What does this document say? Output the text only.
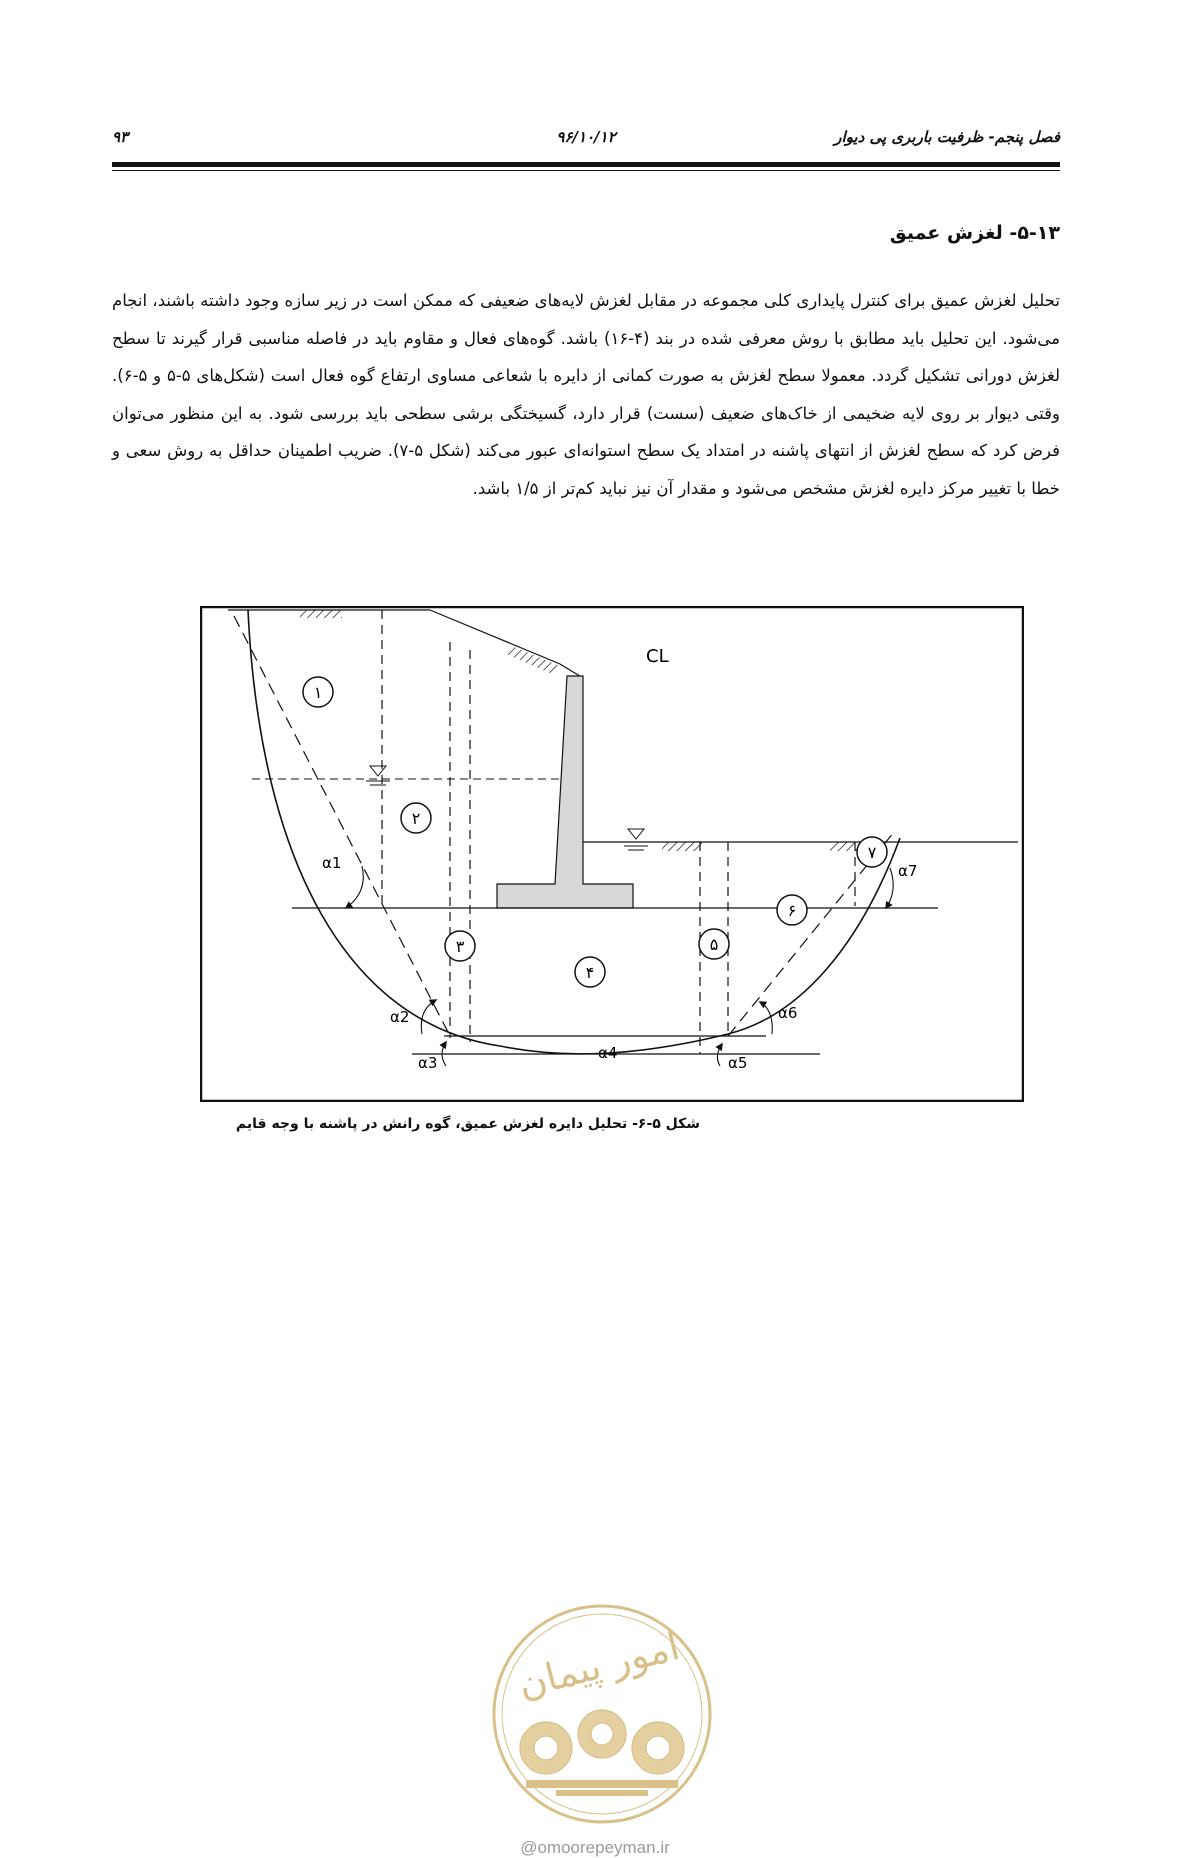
فصل پنجم- ظرفیت باربری پی دیوار
۹۶/۱۰/۱۲
۹۳
۵-۱۳- لغزش عمیق
تحلیل لغزش عمیق برای کنترل پایداری کلی مجموعه در مقابل لغزش لایه‌های ضعیفی که ممکن است در زیر سازه وجود داشته باشند، انجام می‌شود. این تحلیل باید مطابق با روش معرفی شده در بند (۴-۱۶) باشد. گوه‌های فعال و مقاوم باید در فاصله مناسبی قرار گیرند تا سطح لغزش دورانی تشکیل گردد. معمولا سطح لغزش به صورت کمانی از دایره با شعاعی مساوی ارتفاع گوه فعال است (شکل‌های ۵-۵ و ۵-۶). وقتی دیوار بر روی لایه ضخیمی از خاک‌های ضعیف (سست) قرار دارد، گسیختگی برشی سطحی باید بررسی شود. به این منظور می‌توان فرض کرد که سطح لغزش از انتهای پاشنه در امتداد یک سطح استوانه‌ای عبور می‌کند (شکل ۵-۷). ضریب اطمینان حداقل به روش سعی و خطا با تغییر مرکز دایره لغزش مشخص می‌شود و مقدار آن نیز نباید کم‌تر از ۱/۵ باشد.
CL
۱
۲
۳
۴
۵
۶
۷
α1
α2
α3
α4
α5
α6
α7
شکل ۵-۶- تحلیل دایره لغزش عمیق، گوه رانش در پاشنه با وجه قایم
امور پیمان
@omoorepeyman.ir
